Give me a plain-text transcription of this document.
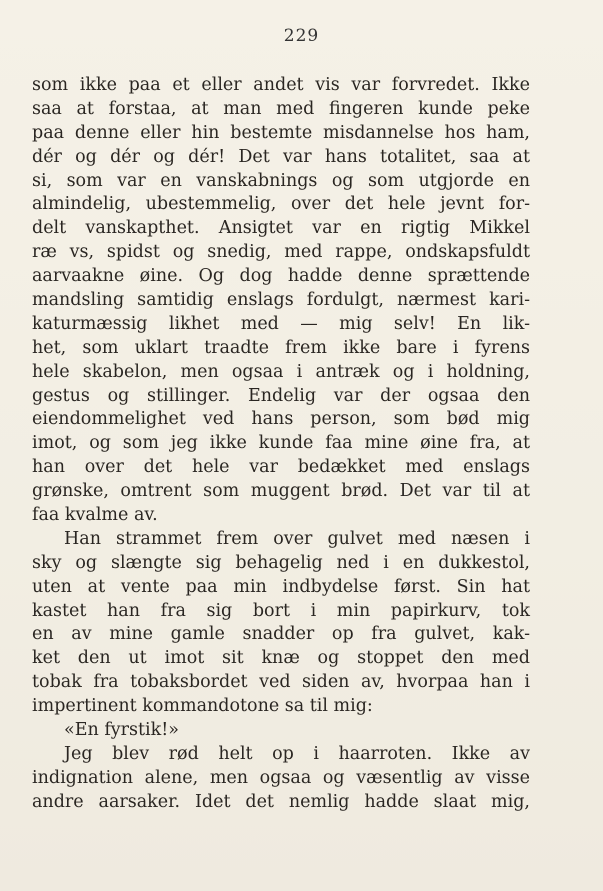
229
som ikke paa et eller andet vis var forvredet. Ikke
saa at forstaa, at man med fingeren kunde peke
paa denne eller hin bestemte misdannelse hos ham,
dér og dér og dér! Det var hans totalitet, saa at
si, som var en vanskabnings og som utgjorde en
almindelig, ubestemmelig, over det hele jevnt for-
delt vanskapthet. Ansigtet var en rigtig Mikkel
ræ vs, spidst og snedig, med rappe, ondskapsfuldt
aarvaakne øine. Og dog hadde denne sprættende
mandsling samtidig enslags fordulgt, nærmest kari-
katurmæssig likhet med — mig selv! En lik-
het, som uklart traadte frem ikke bare i fyrens
hele skabelon, men ogsaa i antræk og i holdning,
gestus og stillinger. Endelig var der ogsaa den
eiendommelighet ved hans person, som bød mig
imot, og som jeg ikke kunde faa mine øine fra, at
han over det hele var bedækket med enslags
grønske, omtrent som muggent brød. Det var til at
faa kvalme av.
Han strammet frem over gulvet med næsen i
sky og slængte sig behagelig ned i en dukkestol,
uten at vente paa min indbydelse først. Sin hat
kastet han fra sig bort i min papirkurv, tok
en av mine gamle snadder op fra gulvet, kak-
ket den ut imot sit knæ og stoppet den med
tobak fra tobaksbordet ved siden av, hvorpaa han i
impertinent kommandotone sa til mig:
«En fyrstik!»
Jeg blev rød helt op i haarroten. Ikke av
indignation alene, men ogsaa og væsentlig av visse
andre aarsaker. Idet det nemlig hadde slaat mig,
